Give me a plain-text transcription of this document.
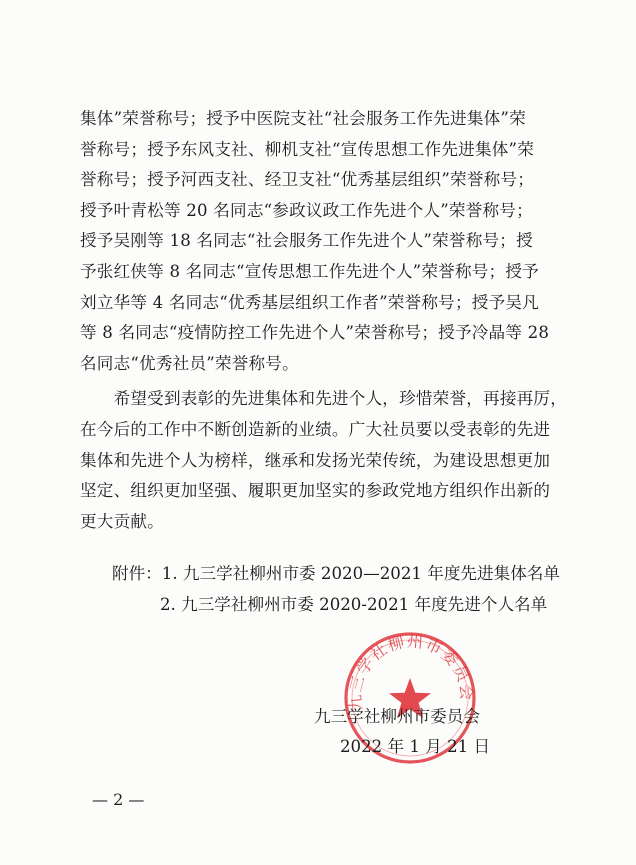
集体”荣誉称号；授予中医院支社“社会服务工作先进集体”荣
誉称号；授予东风支社、柳机支社“宣传思想工作先进集体”荣
誉称号；授予河西支社、经卫支社“优秀基层组织”荣誉称号；
授予叶青松等 20 名同志“参政议政工作先进个人”荣誉称号；
授予吴刚等 18 名同志“社会服务工作先进个人”荣誉称号；授
予张红侠等 8 名同志“宣传思想工作先进个人”荣誉称号；授予
刘立华等 4 名同志“优秀基层组织工作者”荣誉称号；授予吴凡
等 8 名同志“疫情防控工作先进个人”荣誉称号；授予冷晶等 28
名同志“优秀社员”荣誉称号。
　　希望受到表彰的先进集体和先进个人，珍惜荣誉，再接再厉，
在今后的工作中不断创造新的业绩。广大社员要以受表彰的先进
集体和先进个人为榜样，继承和发扬光荣传统，为建设思想更加
坚定、组织更加坚强、履职更加坚实的参政党地方组织作出新的
更大贡献。
附件：1. 九三学社柳州市委 2020—2021 年度先进集体名单
2. 九三学社柳州市委 2020-2021 年度先进个人名单
九三学社柳州市委员会
九三学社柳州市委员会
2022 年 1 月 21 日
— 2 —
